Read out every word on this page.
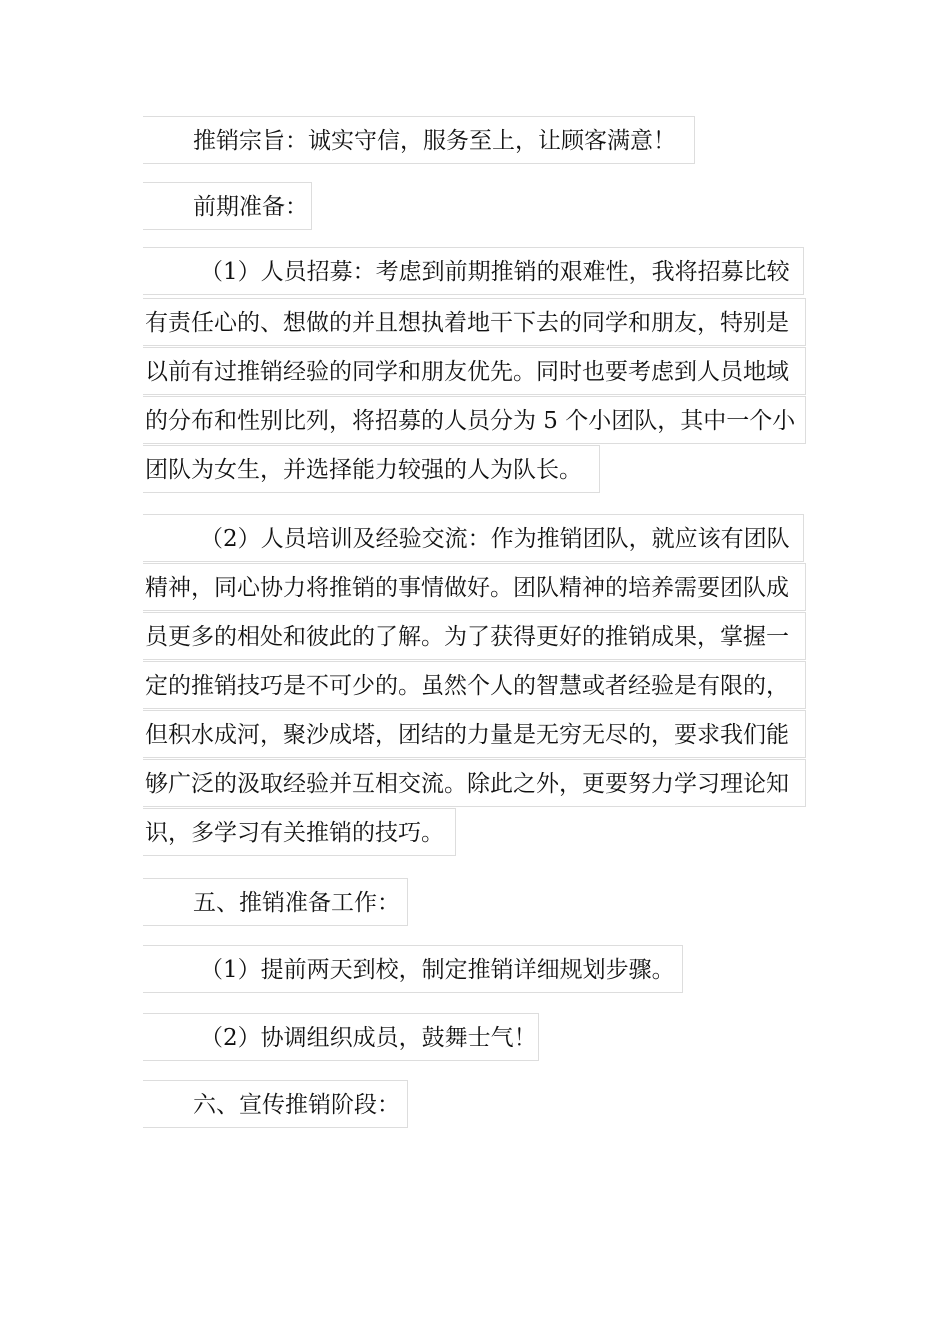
推销宗旨：诚实守信，服务至上，让顾客满意！
前期准备：
（1）人员招募：考虑到前期推销的艰难性，我将招募比较
有责任心的、想做的并且想执着地干下去的同学和朋友，特别是
以前有过推销经验的同学和朋友优先。同时也要考虑到人员地域
的分布和性别比列，将招募的人员分为 5 个小团队，其中一个小
团队为女生，并选择能力较强的人为队长。
（2）人员培训及经验交流：作为推销团队，就应该有团队
精神，同心协力将推销的事情做好。团队精神的培养需要团队成
员更多的相处和彼此的了解。为了获得更好的推销成果，掌握一
定的推销技巧是不可少的。虽然个人的智慧或者经验是有限的，
但积水成河，聚沙成塔，团结的力量是无穷无尽的，要求我们能
够广泛的汲取经验并互相交流。除此之外，更要努力学习理论知
识，多学习有关推销的技巧。
五、推销准备工作：
（1）提前两天到校，制定推销详细规划步骤。
（2）协调组织成员，鼓舞士气！
六、宣传推销阶段：
